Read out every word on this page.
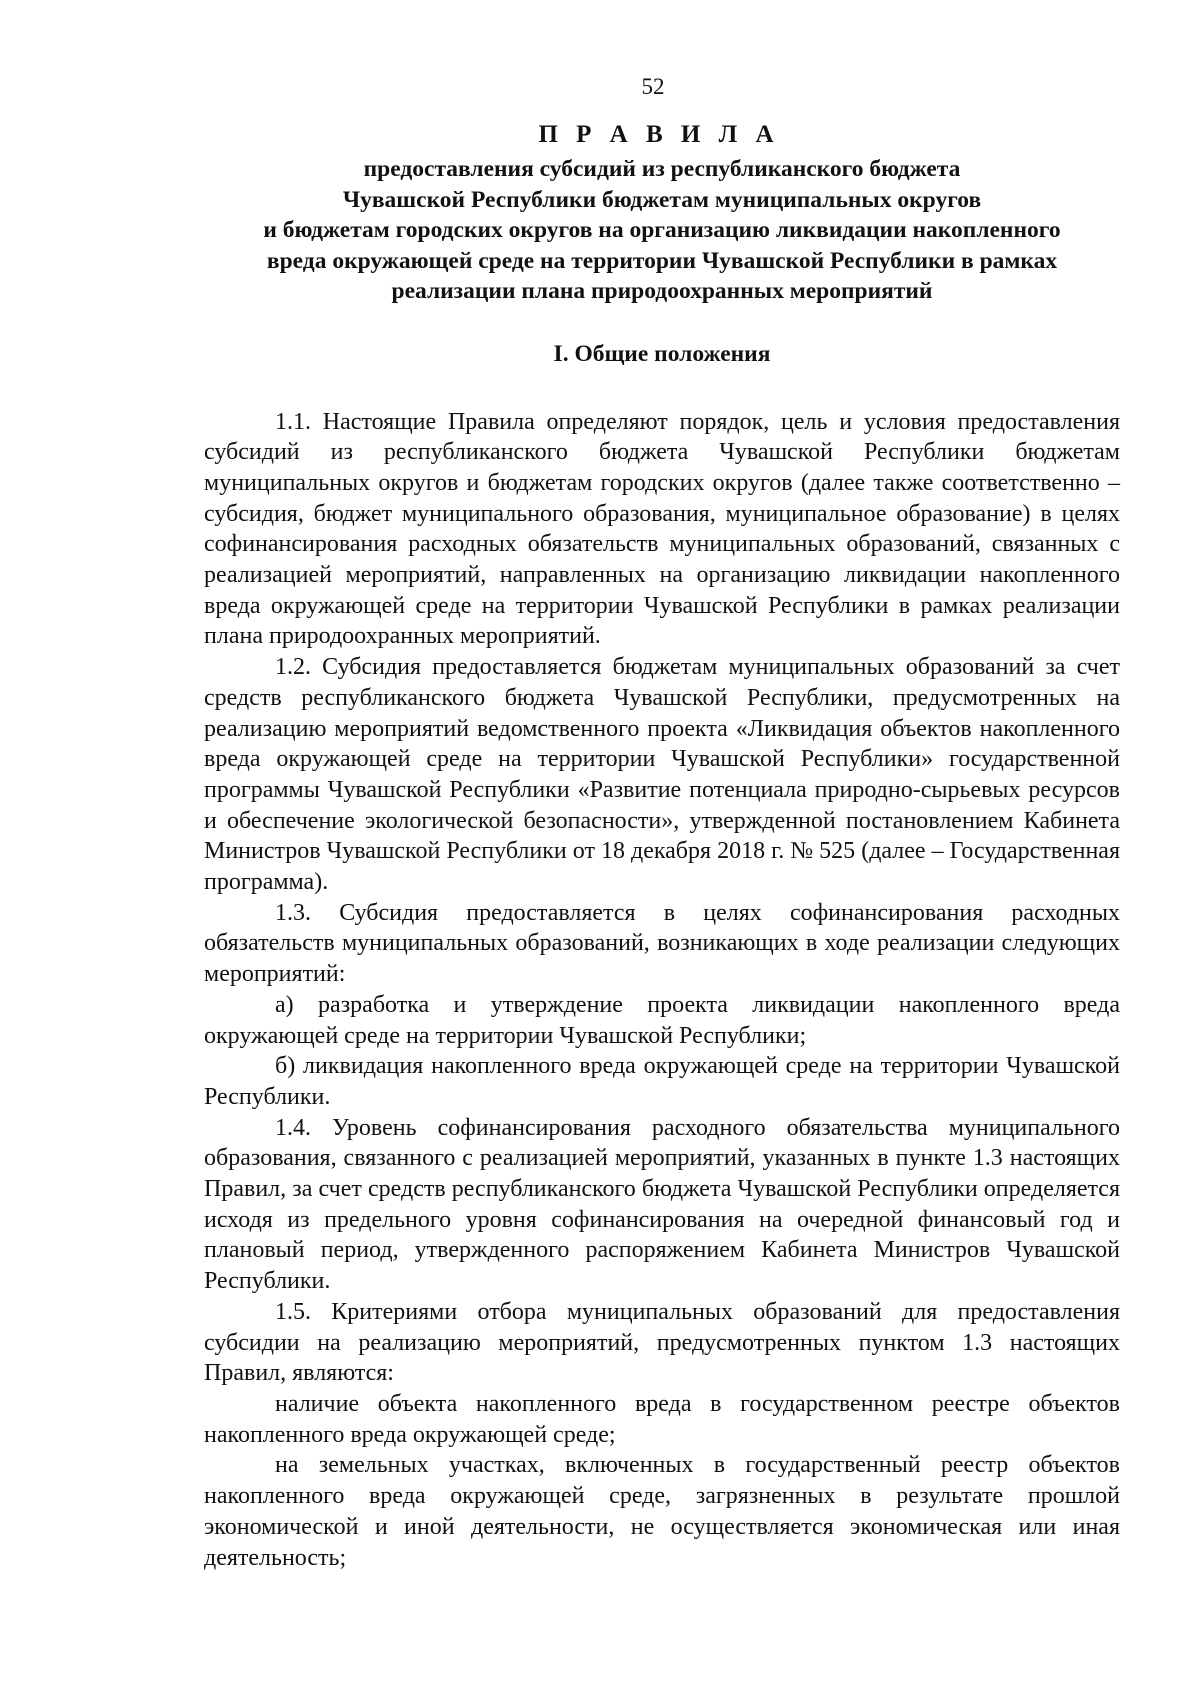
52
П Р А В И Л А
предоставления субсидий из республиканского бюджета
Чувашской Республики бюджетам муниципальных округов
и бюджетам городских округов на организацию ликвидации накопленного
вреда окружающей среде на территории Чувашской Республики в рамках
реализации плана природоохранных мероприятий
I. Общие положения

1.1. Настоящие Правила определяют порядок, цель и условия предоставления субсидий из республиканского бюджета Чувашской Республики бюджетам муниципальных округов и бюджетам городских округов (далее также соответственно – субсидия, бюджет муниципального образования, муниципальное образование) в целях софинансирования расходных обязательств муниципальных образований, связанных с реализацией мероприятий, направленных на организацию ликвидации накопленного вреда окружающей среде на территории Чувашской Республики в рамках реализации плана природоохранных мероприятий.

1.2. Субсидия предоставляется бюджетам муниципальных образований за счет средств республиканского бюджета Чувашской Республики, предусмотренных на реализацию мероприятий ведомственного проекта «Ликвидация объектов накопленного вреда окружающей среде на территории Чувашской Республики» государственной программы Чувашской Республики «Развитие потенциала природно-сырьевых ресурсов и обеспечение экологической безопасности», утвержденной постановлением Кабинета Министров Чувашской Республики от 18 декабря 2018 г. № 525 (далее – Государственная программа).

1.3. Субсидия предоставляется в целях софинансирования расходных обязательств муниципальных образований, возникающих в ходе реализации следующих мероприятий:

а) разработка и утверждение проекта ликвидации накопленного вреда окружающей среде на территории Чувашской Республики;

б) ликвидация накопленного вреда окружающей среде на территории Чувашской Республики.

1.4. Уровень софинансирования расходного обязательства муниципального образования, связанного с реализацией мероприятий, указанных в пункте 1.3 настоящих Правил, за счет средств республиканского бюджета Чувашской Республики определяется исходя из предельного уровня софинансирования на очередной финансовый год и плановый период, утвержденного распоряжением Кабинета Министров Чувашской Республики.

1.5. Критериями отбора муниципальных образований для предоставления субсидии на реализацию мероприятий, предусмотренных пунктом 1.3 настоящих Правил, являются:

наличие объекта накопленного вреда в государственном реестре объектов накопленного вреда окружающей среде;

на земельных участках, включенных в государственный реестр объектов накопленного вреда окружающей среде, загрязненных в результате прошлой экономической и иной деятельности, не осуществляется экономическая или иная деятельность;
